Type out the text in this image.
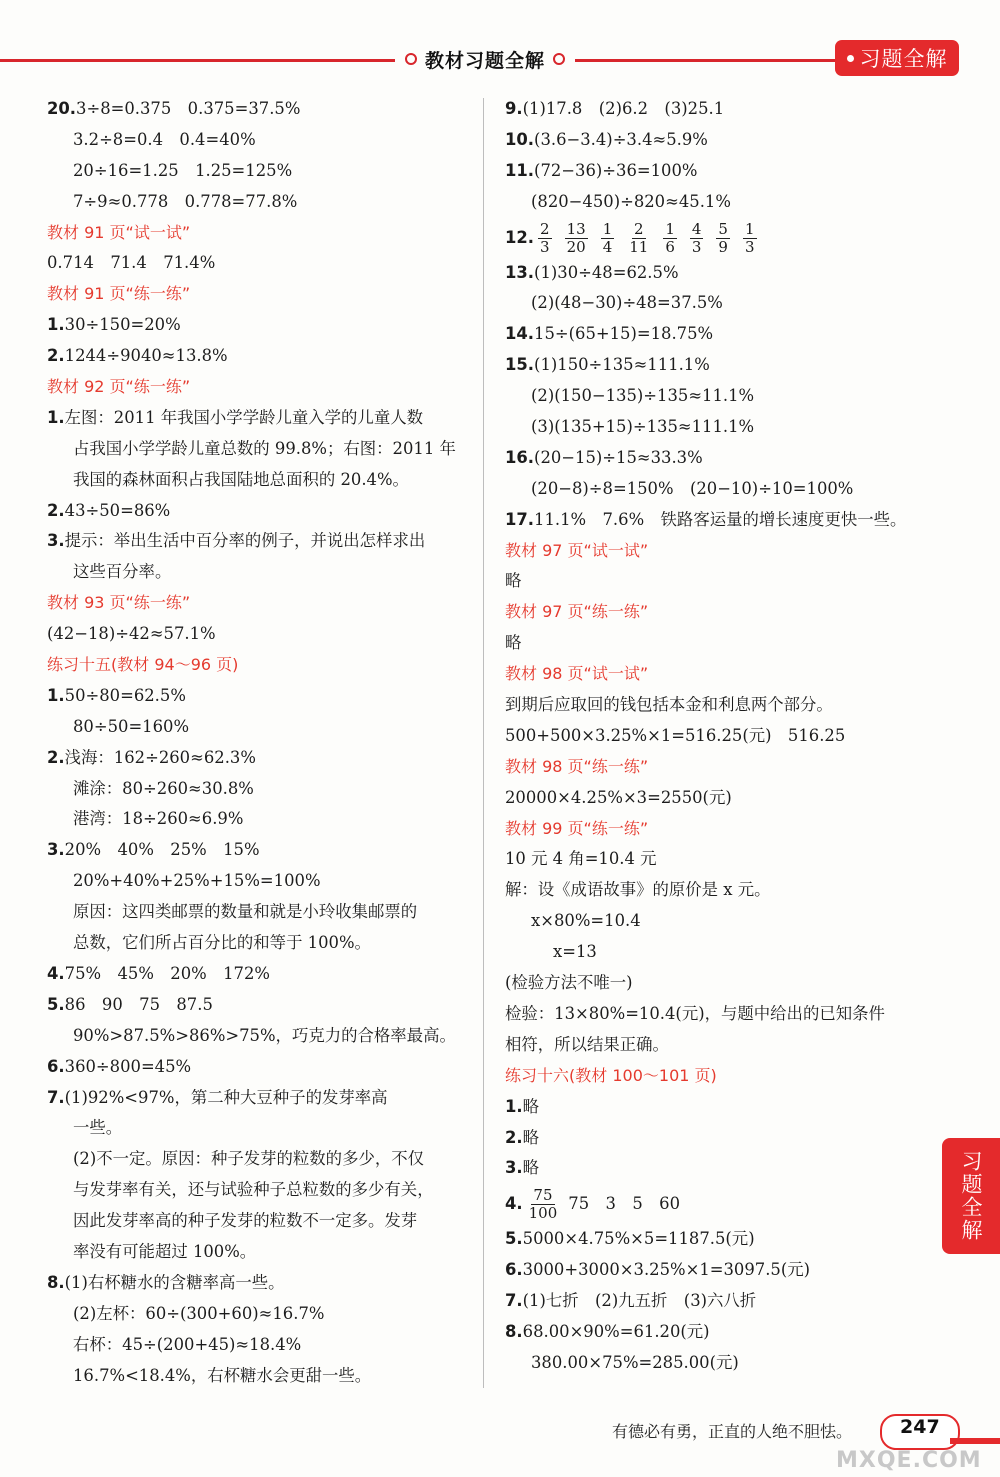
教材习题全解	习题全解
20.3÷8=0.375　0.375=37.5%
3.2÷8=0.4　0.4=40%
20÷16=1.25　1.25=125%
7÷9≈0.778　0.778=77.8%
教材 91 页“试一试”
0.714　71.4　71.4%
教材 91 页“练一练”
1.30÷150=20%
2.1244÷9040≈13.8%
教材 92 页“练一练”
1.左图：2011 年我国小学学龄儿童入学的儿童人数
占我国小学学龄儿童总数的 99.8%；右图：2011 年
我国的森林面积占我国陆地总面积的 20.4%。
2.43÷50=86%
3.提示：举出生活中百分率的例子，并说出怎样求出
这些百分率。
教材 93 页“练一练”
(42−18)÷42≈57.1%
练习十五(教材 94～96 页)
1.50÷80=62.5%
80÷50=160%
2.浅海：162÷260≈62.3%
滩涂：80÷260≈30.8%
港湾：18÷260≈6.9%
3.20%　40%　25%　15%
20%+40%+25%+15%=100%
原因：这四类邮票的数量和就是小玲收集邮票的
总数，它们所占百分比的和等于 100%。
4.75%　45%　20%　172%
5.86　90　75　87.5
90%>87.5%>86%>75%，巧克力的合格率最高。
6.360÷800=45%
7.(1)92%<97%，第二种大豆种子的发芽率高
一些。
(2)不一定。原因：种子发芽的粒数的多少，不仅
与发芽率有关，还与试验种子总粒数的多少有关，
因此发芽率高的种子发芽的粒数不一定多。发芽
率没有可能超过 100%。
8.(1)右杯糖水的含糖率高一些。
(2)左杯：60÷(300+60)≈16.7%
右杯：45÷(200+45)≈18.4%
16.7%<18.4%，右杯糖水会更甜一些。
9.(1)17.8　(2)6.2　(3)25.1
10.(3.6−3.4)÷3.4≈5.9%
11.(72−36)÷36=100%
(820−450)÷820≈45.1%
12. $\frac{2}{3} \frac{13}{20} \frac{1}{4} \frac{2}{11} \frac{1}{6} \frac{4}{3} \frac{5}{9} \frac{1}{3}$
13.(1)30÷48=62.5%
(2)(48−30)÷48=37.5%
14.15÷(65+15)=18.75%
15.(1)150÷135≈111.1%
(2)(150−135)÷135≈11.1%
(3)(135+15)÷135≈111.1%
16.(20−15)÷15≈33.3%
(20−8)÷8=150%　(20−10)÷10=100%
17.11.1%　7.6%　铁路客运量的增长速度更快一些。
教材 97 页“试一试”
略
教材 97 页“练一练”
略
教材 98 页“试一试”
到期后应取回的钱包括本金和利息两个部分。
500+500×3.25%×1=516.25(元)　516.25
教材 98 页“练一练”
20000×4.25%×3=2550(元)
教材 99 页“练一练”
10 元 4 角=10.4 元
解：设《成语故事》的原价是 x 元。
x×80%=10.4
x=13
(检验方法不唯一)
检验：13×80%=10.4(元)，与题中给出的已知条件
相符，所以结果正确。
练习十六(教材 100～101 页)
1.略
2.略
3.略
4. $\frac{75}{100} 75$　3　5　60
5.5000×4.75%×5=1187.5(元)
6.3000+3000×3.25%×1=3097.5(元)
7.(1)七折　(2)九五折　(3)六八折
8.68.00×90%=61.20(元)
380.00×75%=285.00(元)
习题全解
有德必有勇，正直的人绝不胆怯。	247
MXQE.COM
